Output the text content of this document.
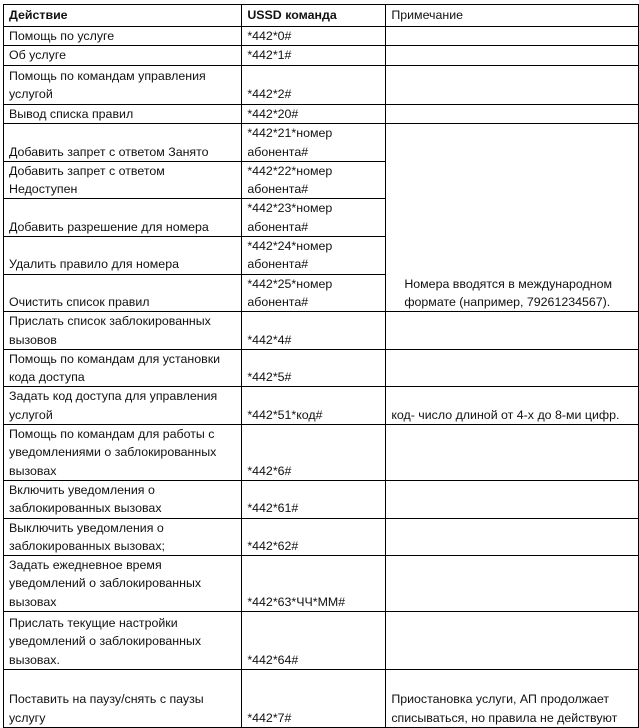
Действие	USSD команда	Примечание
Помощь по услуге	*442*0#	
Об услуге	*442*1#	
Помощь по командам управления услугой	*442*2#	
Вывод списка правил	*442*20#	
Добавить запрет с ответом Занято	*442*21*номер абонента#	Номера вводятся в международном формате (например, 79261234567).
Добавить запрет с ответом Недоступен	*442*22*номер абонента#	
Добавить разрешение для номера	*442*23*номер абонента#	
Удалить правило для номера	*442*24*номер абонента#	
Очистить список правил	*442*25*номер абонента#	
Прислать список заблокированных вызовов	*442*4#	
Помощь по командам для установки кода доступа	*442*5#	
Задать код доступа для управления услугой	*442*51*код#	код- число длиной от 4-х до 8-ми цифр.
Помощь по командам для работы с уведомлениями о заблокированных вызовах	*442*6#	
Включить уведомления о заблокированных вызовах	*442*61#	
Выключить уведомления о заблокированных вызовах;	*442*62#	
Задать ежедневное время уведомлений о заблокированных вызовах	*442*63*ЧЧ*ММ#	
Прислать текущие настройки уведомлений о заблокированных вызовах.	*442*64#	
Поставить на паузу/снять с паузы услугу	*442*7#	Приостановка услуги, АП продолжает списываться, но правила не действуют
